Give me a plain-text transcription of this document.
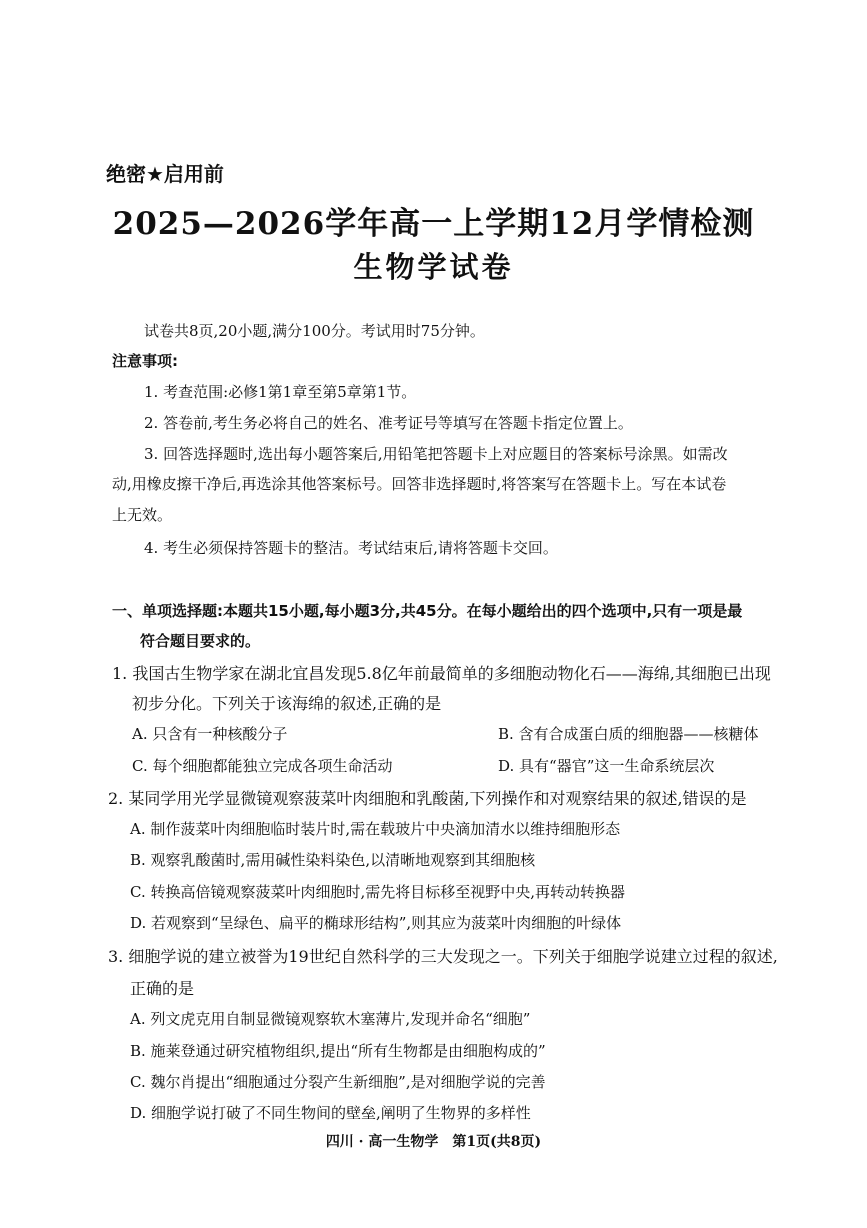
绝密★启用前
2025—2026学年高一上学期12月学情检测
生物学试卷
试卷共8页,20小题,满分100分。考试用时75分钟。
注意事项:
1. 考查范围:必修1第1章至第5章第1节。
2. 答卷前,考生务必将自己的姓名、准考证号等填写在答题卡指定位置上。
3. 回答选择题时,选出每小题答案后,用铅笔把答题卡上对应题目的答案标号涂黑。如需改
动,用橡皮擦干净后,再选涂其他答案标号。回答非选择题时,将答案写在答题卡上。写在本试卷
上无效。
4. 考生必须保持答题卡的整洁。考试结束后,请将答题卡交回。
一、单项选择题:本题共15小题,每小题3分,共45分。在每小题给出的四个选项中,只有一项是最
符合题目要求的。
1. 我国古生物学家在湖北宜昌发现5.8亿年前最简单的多细胞动物化石——海绵,其细胞已出现
初步分化。下列关于该海绵的叙述,正确的是
A. 只含有一种核酸分子	B. 含有合成蛋白质的细胞器——核糖体
C. 每个细胞都能独立完成各项生命活动	D. 具有“器官”这一生命系统层次
2. 某同学用光学显微镜观察菠菜叶肉细胞和乳酸菌,下列操作和对观察结果的叙述,错误的是
A. 制作菠菜叶肉细胞临时装片时,需在载玻片中央滴加清水以维持细胞形态
B. 观察乳酸菌时,需用碱性染料染色,以清晰地观察到其细胞核
C. 转换高倍镜观察菠菜叶肉细胞时,需先将目标移至视野中央,再转动转换器
D. 若观察到“呈绿色、扁平的椭球形结构”,则其应为菠菜叶肉细胞的叶绿体
3. 细胞学说的建立被誉为19世纪自然科学的三大发现之一。下列关于细胞学说建立过程的叙述,
正确的是
A. 列文虎克用自制显微镜观察软木塞薄片,发现并命名“细胞”
B. 施莱登通过研究植物组织,提出“所有生物都是由细胞构成的”
C. 魏尔肖提出“细胞通过分裂产生新细胞”,是对细胞学说的完善
D. 细胞学说打破了不同生物间的壁垒,阐明了生物界的多样性
四川 · 高一生物学　第1页(共8页)
